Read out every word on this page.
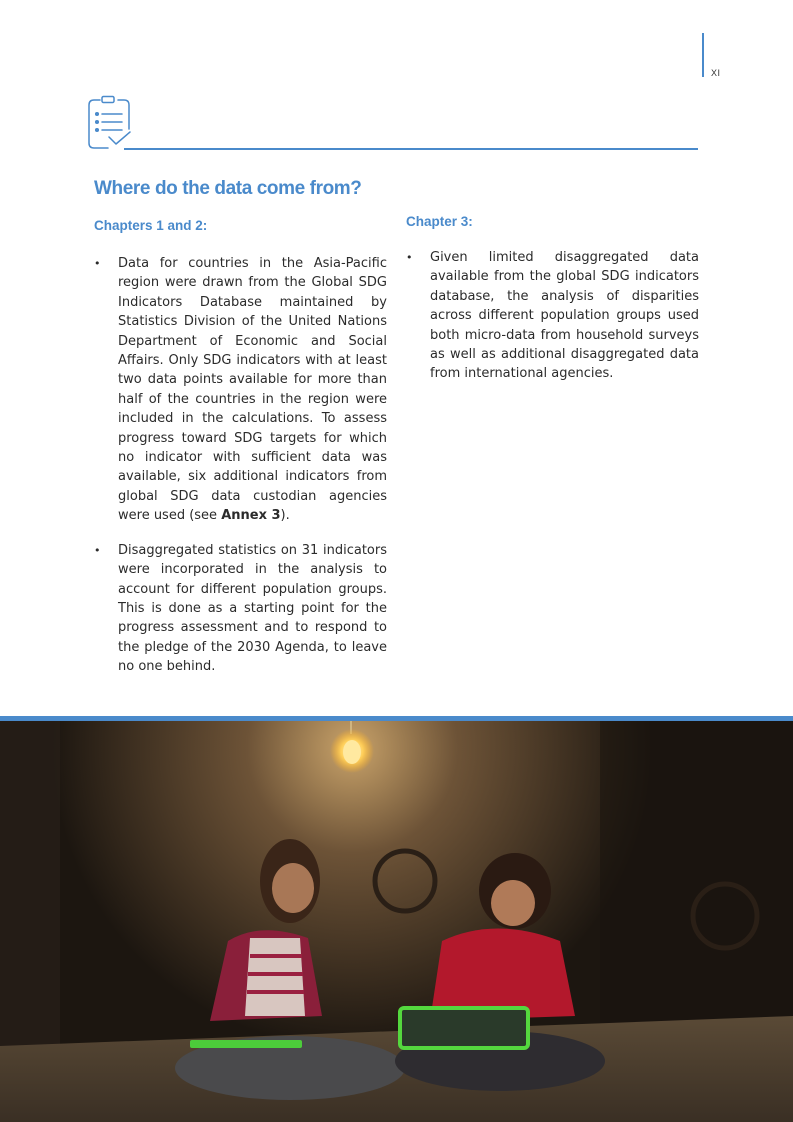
XI
Where do the data come from?
Chapters 1 and 2:
• Data for countries in the Asia-Pacific region were drawn from the Global SDG Indicators Database maintained by Statistics Division of the United Nations Department of Economic and Social Affairs. Only SDG indicators with at least two data points available for more than half of the countries in the region were included in the calculations. To assess progress toward SDG targets for which no indicator with sufficient data was available, six additional indicators from global SDG data custodian agencies were used (see Annex 3).
• Disaggregated statistics on 31 indicators were incorporated in the analysis to account for different population groups. This is done as a starting point for the progress assessment and to respond to the pledge of the 2030 Agenda, to leave no one behind.
Chapter 3:
• Given limited disaggregated data available from the global SDG indicators database, the analysis of disparities across different population groups used both micro-data from household surveys as well as additional disaggregated data from international agencies.
